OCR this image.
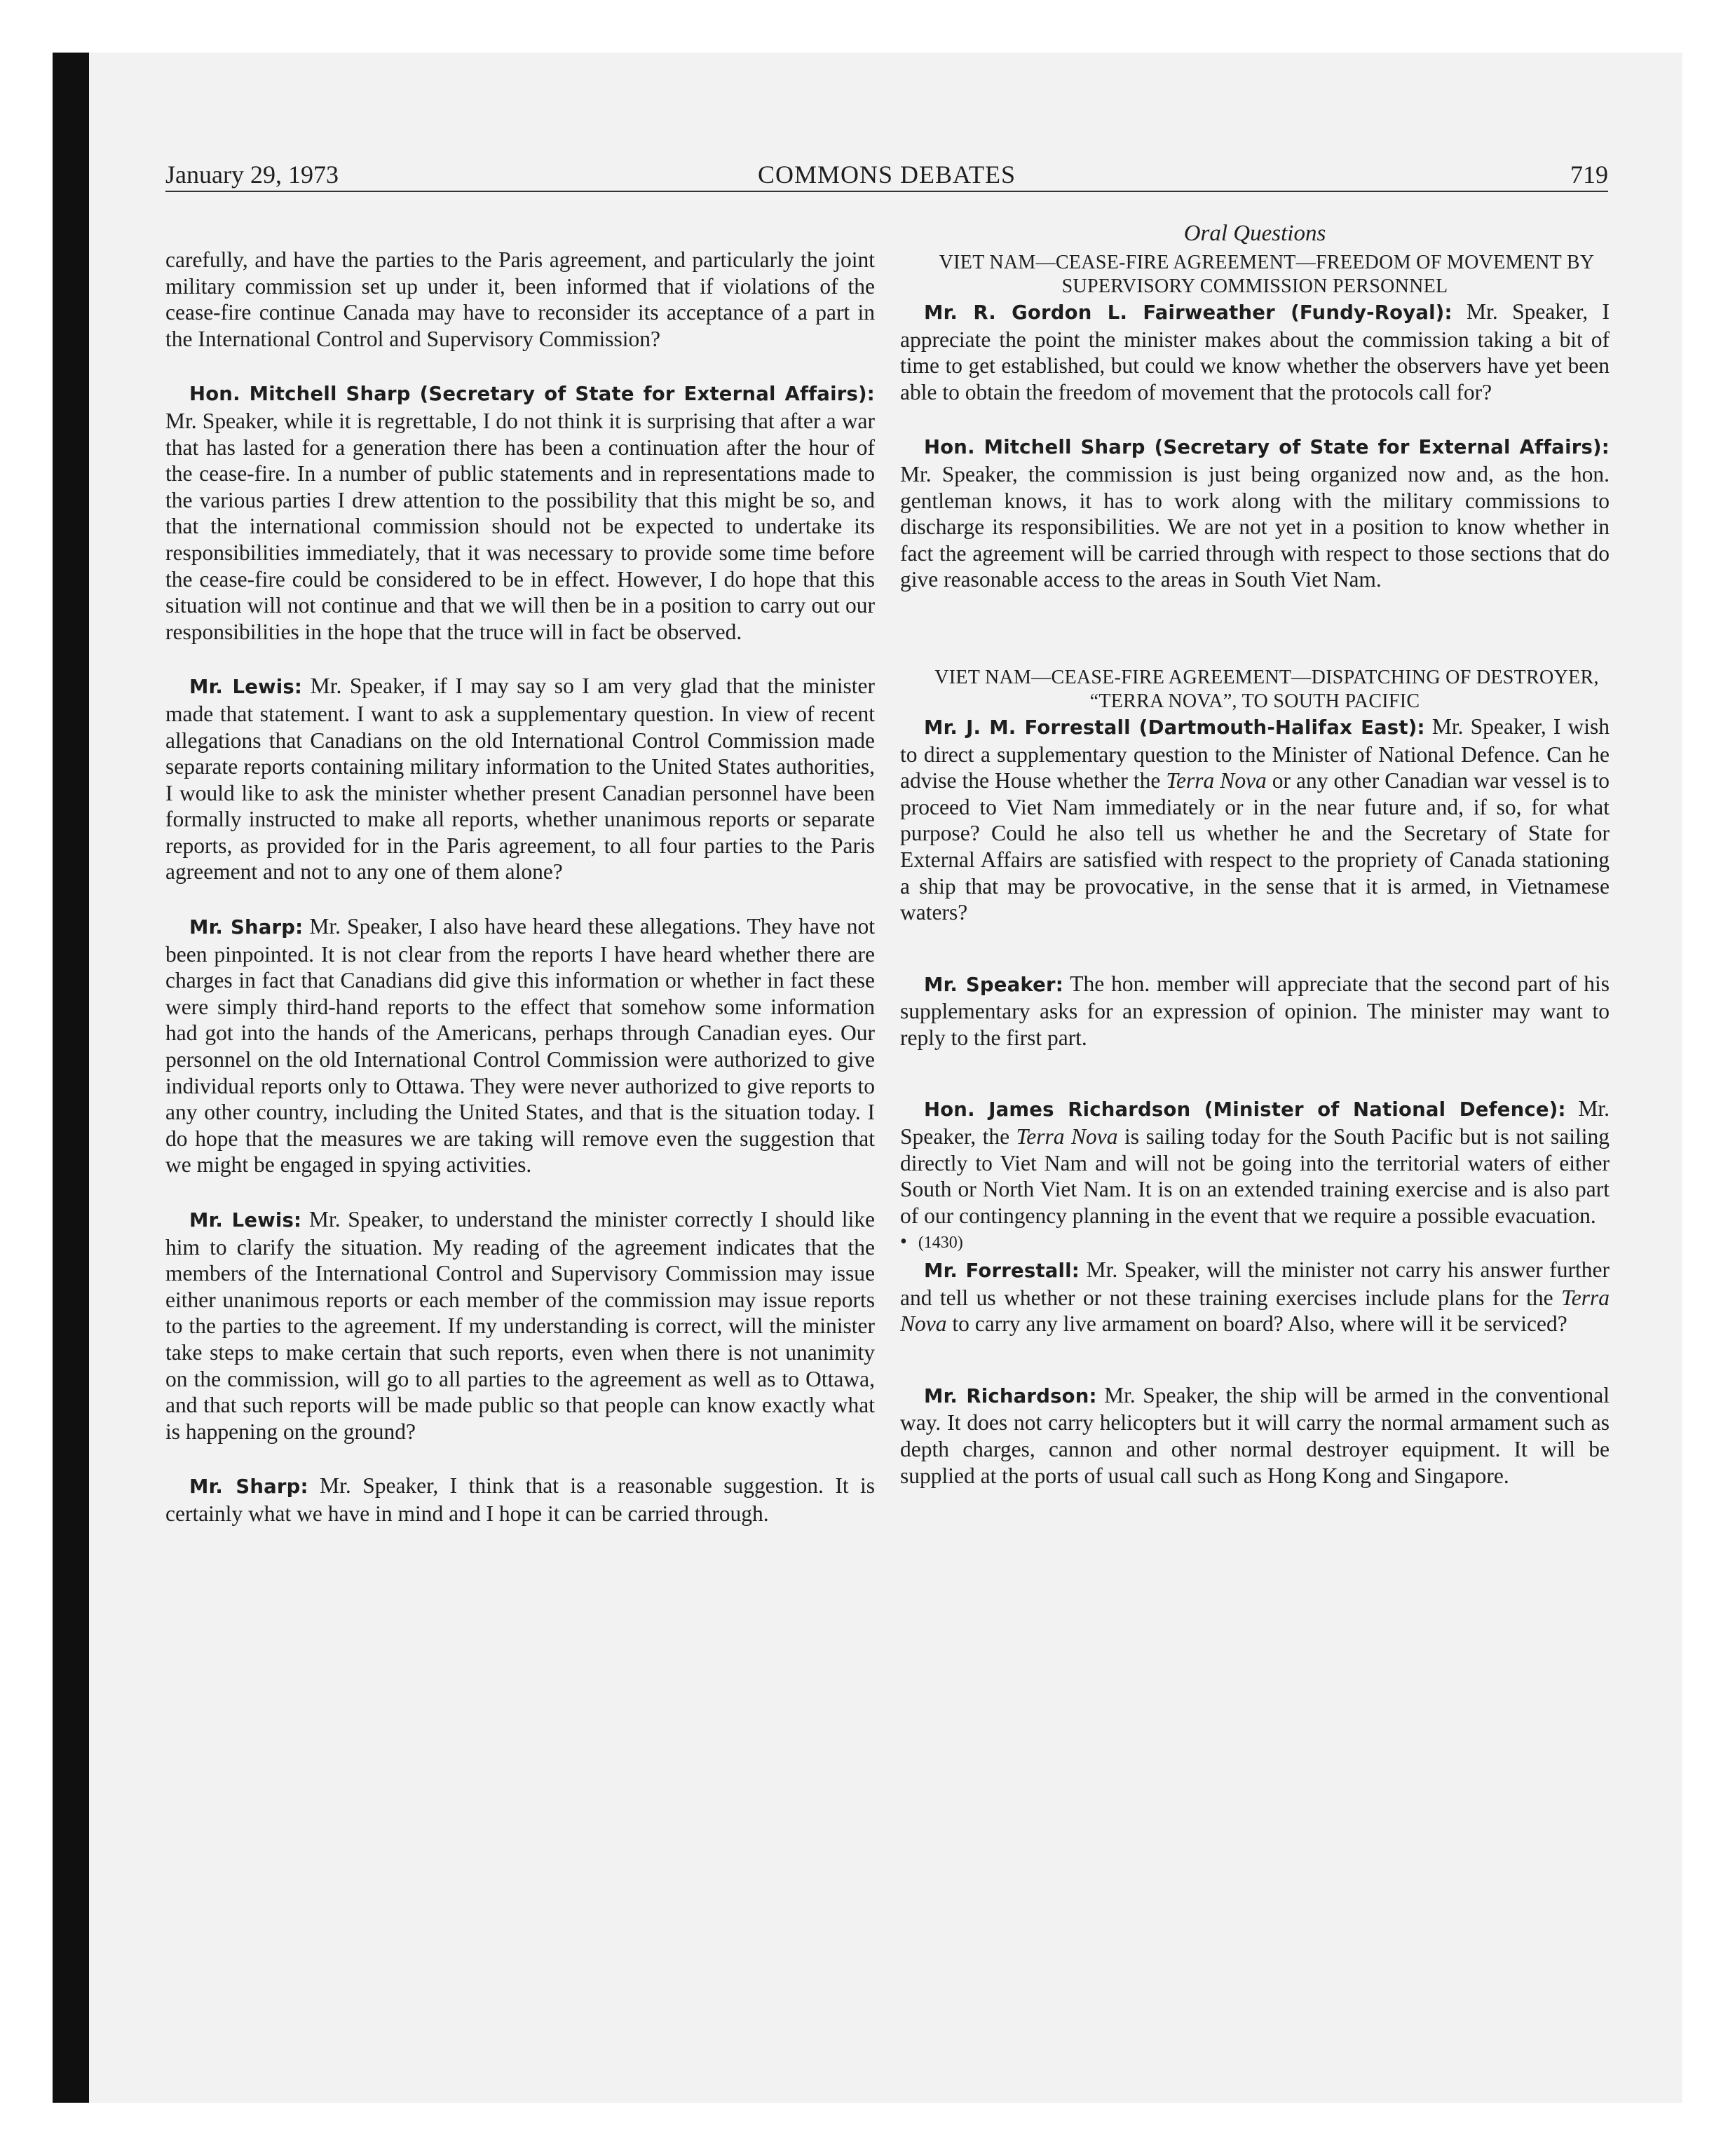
January 29, 1973	COMMONS DEBATES	719

carefully, and have the parties to the Paris agreement, and particularly the joint military commission set up under it, been informed that if violations of the cease-fire continue Canada may have to reconsider its acceptance of a part in the International Control and Supervisory Commission?

Hon. Mitchell Sharp (Secretary of State for External Affairs): Mr. Speaker, while it is regrettable, I do not think it is surprising that after a war that has lasted for a generation there has been a continuation after the hour of the cease-fire. In a number of public statements and in representations made to the various parties I drew attention to the possibility that this might be so, and that the international commission should not be expected to undertake its responsibilities immediately, that it was necessary to provide some time before the cease-fire could be considered to be in effect. However, I do hope that this situation will not continue and that we will then be in a position to carry out our responsibilities in the hope that the truce will in fact be observed.

Mr. Lewis: Mr. Speaker, if I may say so I am very glad that the minister made that statement. I want to ask a supplementary question. In view of recent allegations that Canadians on the old International Control Commission made separate reports containing military information to the United States authorities, I would like to ask the minister whether present Canadian personnel have been formally instructed to make all reports, whether unanimous reports or separate reports, as provided for in the Paris agreement, to all four parties to the Paris agreement and not to any one of them alone?

Mr. Sharp: Mr. Speaker, I also have heard these allegations. They have not been pinpointed. It is not clear from the reports I have heard whether there are charges in fact that Canadians did give this information or whether in fact these were simply third-hand reports to the effect that somehow some information had got into the hands of the Americans, perhaps through Canadian eyes. Our personnel on the old International Control Commission were authorized to give individual reports only to Ottawa. They were never authorized to give reports to any other country, including the United States, and that is the situation today. I do hope that the measures we are taking will remove even the suggestion that we might be engaged in spying activities.

Mr. Lewis: Mr. Speaker, to understand the minister correctly I should like him to clarify the situation. My reading of the agreement indicates that the members of the International Control and Supervisory Commission may issue either unanimous reports or each member of the commission may issue reports to the parties to the agreement. If my understanding is correct, will the minister take steps to make certain that such reports, even when there is not unanimity on the commission, will go to all parties to the agreement as well as to Ottawa, and that such reports will be made public so that people can know exactly what is happening on the ground?

Mr. Sharp: Mr. Speaker, I think that is a reasonable suggestion. It is certainly what we have in mind and I hope it can be carried through.

Oral Questions

VIET NAM—CEASE-FIRE AGREEMENT—FREEDOM OF MOVEMENT BY SUPERVISORY COMMISSION PERSONNEL

Mr. R. Gordon L. Fairweather (Fundy-Royal): Mr. Speaker, I appreciate the point the minister makes about the commission taking a bit of time to get established, but could we know whether the observers have yet been able to obtain the freedom of movement that the protocols call for?

Hon. Mitchell Sharp (Secretary of State for External Affairs): Mr. Speaker, the commission is just being organized now and, as the hon. gentleman knows, it has to work along with the military commissions to discharge its responsibilities. We are not yet in a position to know whether in fact the agreement will be carried through with respect to those sections that do give reasonable access to the areas in South Viet Nam.

VIET NAM—CEASE-FIRE AGREEMENT—DISPATCHING OF DESTROYER, “TERRA NOVA”, TO SOUTH PACIFIC

Mr. J. M. Forrestall (Dartmouth-Halifax East): Mr. Speaker, I wish to direct a supplementary question to the Minister of National Defence. Can he advise the House whether the Terra Nova or any other Canadian war vessel is to proceed to Viet Nam immediately or in the near future and, if so, for what purpose? Could he also tell us whether he and the Secretary of State for External Affairs are satisfied with respect to the propriety of Canada stationing a ship that may be provocative, in the sense that it is armed, in Vietnamese waters?

Mr. Speaker: The hon. member will appreciate that the second part of his supplementary asks for an expression of opinion. The minister may want to reply to the first part.

Hon. James Richardson (Minister of National Defence): Mr. Speaker, the Terra Nova is sailing today for the South Pacific but is not sailing directly to Viet Nam and will not be going into the territorial waters of either South or North Viet Nam. It is on an extended training exercise and is also part of our contingency planning in the event that we require a possible evacuation.

• (1430)

Mr. Forrestall: Mr. Speaker, will the minister not carry his answer further and tell us whether or not these training exercises include plans for the Terra Nova to carry any live armament on board? Also, where will it be serviced?

Mr. Richardson: Mr. Speaker, the ship will be armed in the conventional way. It does not carry helicopters but it will carry the normal armament such as depth charges, cannon and other normal destroyer equipment. It will be supplied at the ports of usual call such as Hong Kong and Singapore.
